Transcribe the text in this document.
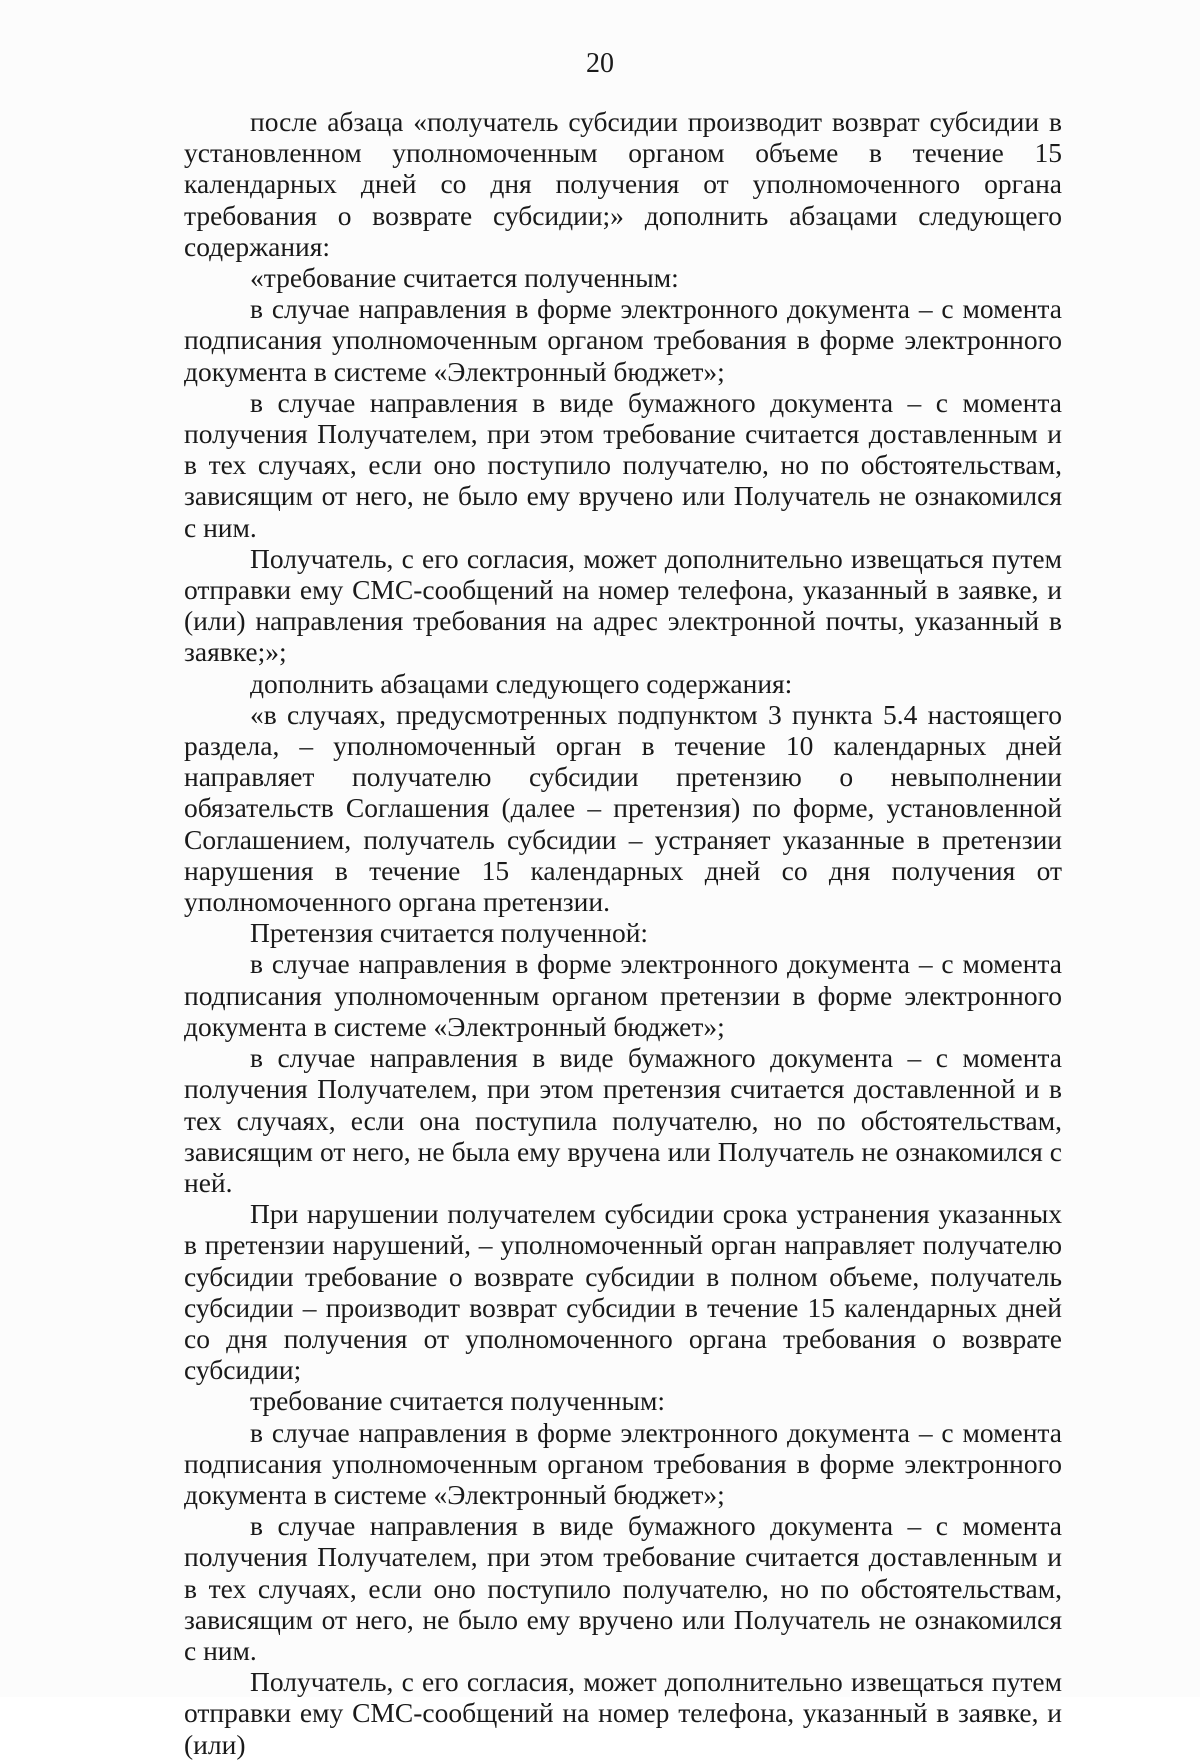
20

после абзаца «получатель субсидии производит возврат субсидии в установленном уполномоченным органом объеме в течение 15 календарных дней со дня получения от уполномоченного органа требования о возврате субсидии;» дополнить абзацами следующего содержания:

«требование считается полученным:

в случае направления в форме электронного документа – с момента подписания уполномоченным органом требования в форме электронного документа в системе «Электронный бюджет»;

в случае направления в виде бумажного документа – с момента получения Получателем, при этом требование считается доставленным и в тех случаях, если оно поступило получателю, но по обстоятельствам, зависящим от него, не было ему вручено или Получатель не ознакомился с ним.

Получатель, с его согласия, может дополнительно извещаться путем отправки ему СМС-сообщений на номер телефона, указанный в заявке, и (или) направления требования на адрес электронной почты, указанный в заявке;»;

дополнить абзацами следующего содержания:

«в случаях, предусмотренных подпунктом 3 пункта 5.4 настоящего раздела, – уполномоченный орган в течение 10 календарных дней направляет получателю субсидии претензию о невыполнении обязательств Соглашения (далее – претензия) по форме, установленной Соглашением, получатель субсидии – устраняет указанные в претензии нарушения в течение 15 календарных дней со дня получения от уполномоченного органа претензии.

Претензия считается полученной:

в случае направления в форме электронного документа – с момента подписания уполномоченным органом претензии в форме электронного документа в системе «Электронный бюджет»;

в случае направления в виде бумажного документа – с момента получения Получателем, при этом претензия считается доставленной и в тех случаях, если она поступила получателю, но по обстоятельствам, зависящим от него, не была ему вручена или Получатель не ознакомился с ней.

При нарушении получателем субсидии срока устранения указанных в претензии нарушений, – уполномоченный орган направляет получателю субсидии требование о возврате субсидии в полном объеме, получатель субсидии – производит возврат субсидии в течение 15 календарных дней со дня получения от уполномоченного органа требования о возврате субсидии;

требование считается полученным:

в случае направления в форме электронного документа – с момента подписания уполномоченным органом требования в форме электронного документа в системе «Электронный бюджет»;

в случае направления в виде бумажного документа – с момента получения Получателем, при этом требование считается доставленным и в тех случаях, если оно поступило получателю, но по обстоятельствам, зависящим от него, не было ему вручено или Получатель не ознакомился с ним.

Получатель, с его согласия, может дополнительно извещаться путем отправки ему СМС-сообщений на номер телефона, указанный в заявке, и (или)
